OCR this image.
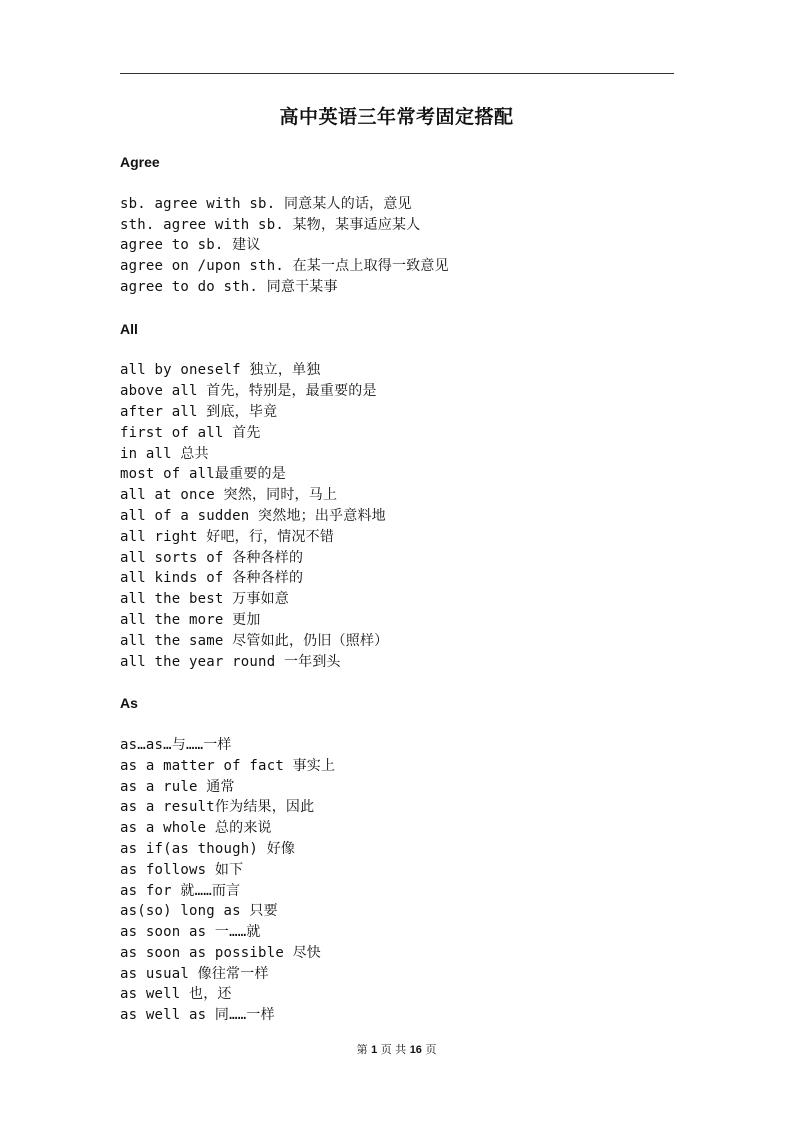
高中英语三年常考固定搭配
Agree
sb. agree with sb. 同意某人的话，意见
sth. agree with sb. 某物，某事适应某人
agree to sb. 建议
agree on /upon sth. 在某一点上取得一致意见
agree to do sth. 同意干某事
All
all by oneself 独立，单独
above all 首先，特别是，最重要的是
after all 到底，毕竟
first of all 首先
in all 总共
most of all最重要的是
all at once 突然，同时，马上
all of a sudden 突然地；出乎意料地
all right 好吧，行，情况不错
all sorts of 各种各样的
all kinds of 各种各样的
all the best 万事如意
all the more 更加
all the same 尽管如此，仍旧（照样）
all the year round 一年到头
As
as…as…与……一样
as a matter of fact 事实上
as a rule 通常
as a result作为结果，因此
as a whole 总的来说
as if(as though) 好像
as follows 如下
as for 就……而言
as(so) long as 只要
as soon as 一……就
as soon as possible 尽快
as usual 像往常一样
as well 也，还
as well as 同……一样
第 1 页 共 16 页
